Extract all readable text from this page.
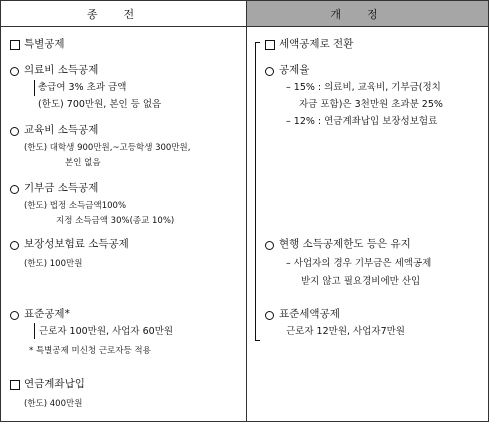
종전	개정
특별공제
의료비 소득공제
총급여 3% 초과 금액
(한도) 700만원, 본인 등 없음
교육비 소득공제
(한도) 대학생 900만원,~고등학생 300만원,
본인 없음
기부금 소득공제
(한도) 법정 소득금액100%
지정 소득금액 30%(종교 10%)
보장성보험료 소득공제
(한도) 100만원
표준공제*
근로자 100만원, 사업자 60만원
* 특별공제 미신청 근로자등 적용
연금계좌납입
(한도) 400만원
세액공제로 전환
공제율
– 15% : 의료비, 교육비, 기부금(정치
자금 포함)은 3천만원 초과분 25%
– 12% : 연금계좌납입 보장성보험료
현행 소득공제한도 등은 유지
– 사업자의 경우 기부금은 세액공제
받지 않고 필요경비에만 산입
표준세액공제
근로자 12만원, 사업자7만원
